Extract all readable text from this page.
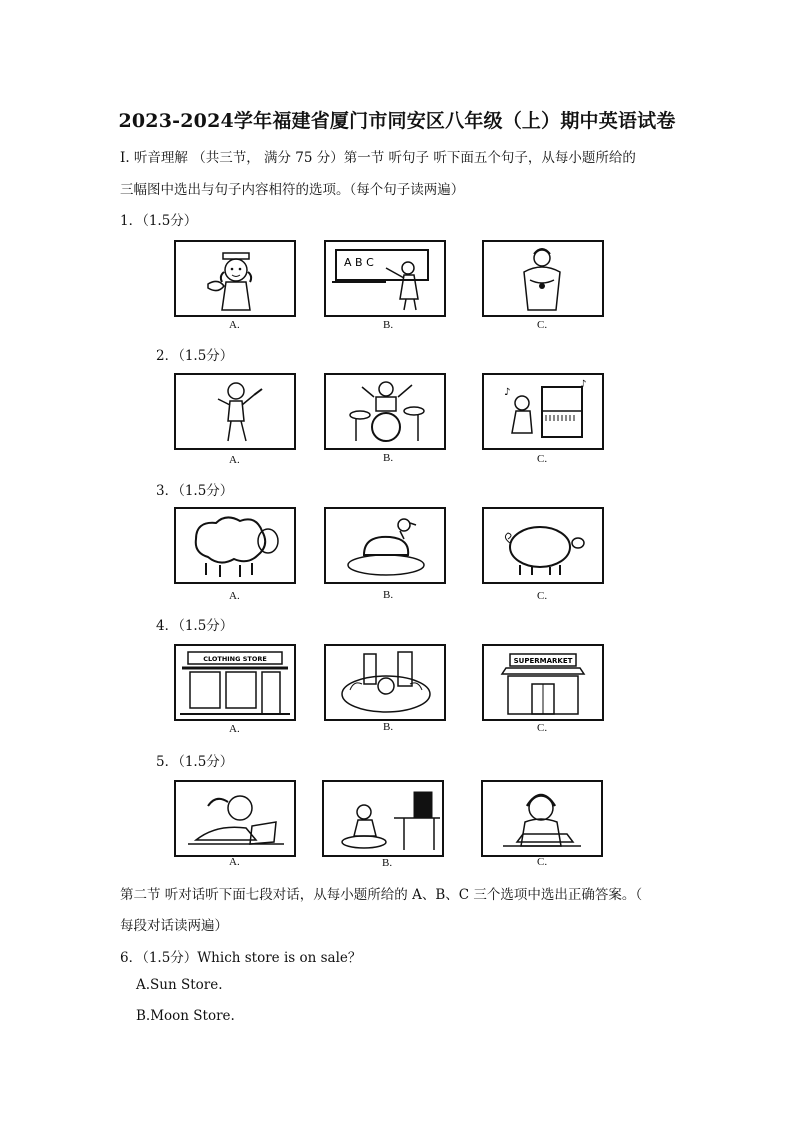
2023-2024学年福建省厦门市同安区八年级（上）期中英语试卷
Ⅰ. 听音理解 （共三节， 满分 75 分）第一节 听句子 听下面五个句子，从每小题所给的
三幅图中选出与句子内容相符的选项。（每个句子读两遍）
1．（1.5分）
A B C
A.	B.	C.
2．（1.5分）
♪
♪
A.	B.	C.
3．（1.5分）
A.	B.	C.
4．（1.5分）
CLOTHING STORE	SUPERMARKET
A.	B.	C.
5．（1.5分）
A.	B.	C.
第二节 听对话听下面七段对话，从每小题所给的 A、B、C 三个选项中选出正确答案。（
每段对话读两遍）
6．（1.5分）Which store is on sale？
A.Sun Store.
B.Moon Store.
